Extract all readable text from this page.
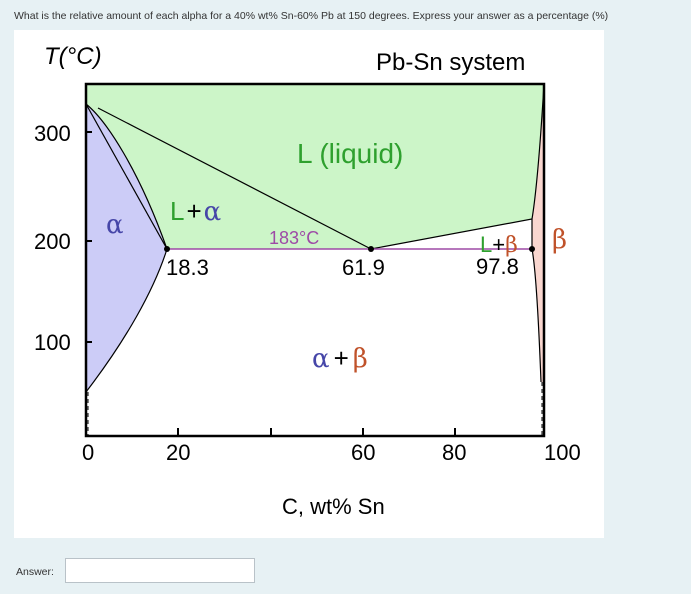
What is the relative amount of each alpha for a 40% wt% Sn-60% Pb at 150 degrees. Express your answer as a percentage (%)
T(°C)	Pb-Sn system
300
200
100
0	20	60	80	100
C, wt% Sn
L (liquid)
α L+α
L+β β
α + β
183°C
18.3	61.9	97.8
Answer:
